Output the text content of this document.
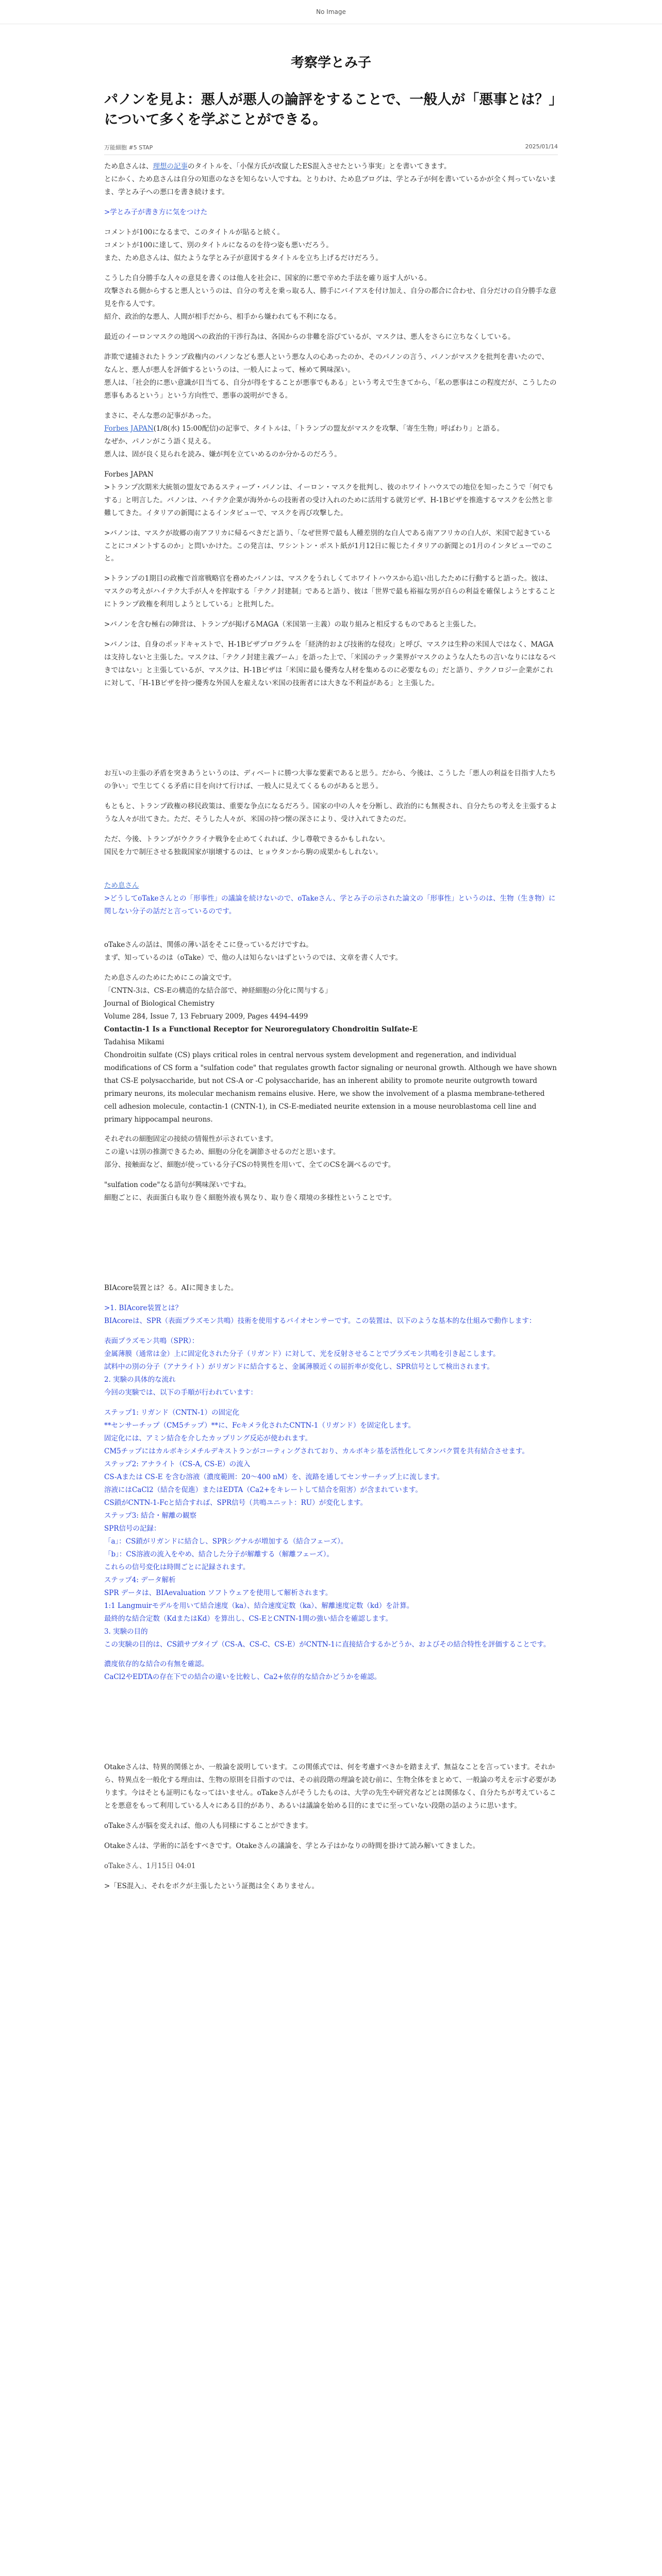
No Image
考察学とみ子
パノンを見よ：悪人が悪人の論評をすることで、一般人が「悪事とは？」について多くを学ぶことができる。
万能細胞 #5 STAP	2025/01/14

ため息さんは、理想の記事のタイトルを、「小保方氏が改竄したES混入させたという事実」とを書いてきます。

とにかく、ため息さんは自分の知恵のなさを知らない人ですね。とりわけ、ため息ブログは、学とみ子が何を書いているかが全く判っていないまま、学とみ子への悪口を書き続けます。

>学とみ子が書き方に気をつけた

コメントが100になるまで、このタイトルが貼ると続く。

コメントが100に達して、別のタイトルになるのを待つ姿も悪いだろう。

また、ため息さんは、似たような学とみ子が意図するタイトルを立ち上げるだけだろう。

こうした自分勝手な人々の意見を書くのは他人を社会に、国家的に悪で辛めた手法を確り返す人がいる。

攻撃される側からすると悪人というのは、自分の考えを乗っ取る人、勝手にバイアスを付け加え、自分の都合に合わせ、自分だけの自分勝手な意見を作る人です。

紹介、政治的な悪人、人間が相手だから、相手から嫌われても不利になる。

最近のイーロンマスクの地図への政治的干渉行為は、各国からの非難を浴びているが、マスクは、悪人をさらに立ちなくしている。

詐欺で逮捕されたトランプ政権内のパノンなども悪人という悪な人の心あったのか、そのパノンの言う、パノンがマスクを批判を書いたので、

なんと、悪人が悪人を評価するというのは、一般人によって、極めて興味深い。

悪人は、「社会的に悪い意識が目当てる、自分が得をすることが悪事でもある」という考えで生きてから、「私の悪事はこの程度だが、こうしたの悪事もあるという」という方向性で、悪事の説明ができる。

まさに、そんな悪の記事があった。

Forbes JAPAN(1/8(水) 15:00配信)の記事で、タイトルは、「トランプの盟友がマスクを攻撃、「寄生生物」呼ばわり」と語る。

なぜか、パノンがこう語く見える。

悪人は、固が良く見られを読み、嫌が判を立ていめるのか分かるのだろう。

Forbes JAPAN

>トランプ次期米大統領の盟友であるスティーブ・バノンは、イーロン・マスクを批判し、彼のホワイトハウスでの地位を知ったこうで「何でもする」と明言した。バノンは、ハイテク企業が海外からの技術者の受け入れのために活用する就労ビザ、H-1Bビザを推進するマスクを公然と非難してきた。イタリアの新聞によるインタビューで、マスクを再び攻撃した。

>バノンは、マスクが故郷の南アフリカに帰るべきだと語り、「なぜ世界で最も人種差別的な白人である南アフリカの白人が、米国で起きていることにコメントするのか」と問いかけた。この発言は、ワシントン・ポスト紙が1月12日に報じたイタリアの新聞との1月のインタビューでのこと。

>トランプの1期目の政権で首席戦略官を務めたバノンは、マスクをうれしくてホワイトハウスから追い出したために行動すると語った。彼は、マスクの考えがハイテク大手が人々を搾取する「テクノ封建制」であると語り、彼は「世界で最も裕福な男が自らの利益を確保しようとすることにトランプ政権を利用しようとしている」と批判した。

>バノンを含む極右の陣営は、トランプが掲げるMAGA（米国第一主義）の取り組みと相反するものであると主張した。

>バノンは、自身のポッドキャストで、H-1Bビザプログラムを「経済的および技術的な侵攻」と呼び、マスクは生粋の米国人ではなく、MAGAは支持しないと主張した。マスクは、「テクノ封建主義ブーム」を語った上で、「米国のテック業界がマスクのような人たちの言いなりにはなるべきではない」と主張しているが、マスクは、H-1Bビザは「米国に最も優秀な人材を集めるのに必要なもの」だと語り、テクノロジー企業がこれに対して、「H-1Bビザを持つ優秀な外国人を雇えない米国の技術者には大きな不利益がある」と主張した。

お互いの主張の矛盾を突きあうというのは、ディベートに勝つ大事な要素であると思う。だから、今後は、こうした「悪人の利益を目指す人たちの争い」で生じてくる矛盾に目を向けて行けば、一般人に見えてくるものがあると思う。

もともと、トランプ政権の移民政策は、重要な争点になるだろう。国家の中の人々を分断し、政治的にも無視され、自分たちの考えを主張するような人々が出てきた。ただ、そうした人々が、米国の持つ懐の深さにより、受け入れてきたのだ。

ただ、今後、トランプがウクライナ戦争を止めてくれれば、少し尊敬できるかもしれない。

国民を力で制圧させる独裁国家が崩壊するのは、ヒョウタンから駒の成果かもしれない。

ため息さん

>どうしてoTakeさんとの「形事性」の議論を続けないので、oTakeさん、学とみ子の示された論文の「形事性」というのは、生物（生き物）に関しない分子の話だと言っているのです。

oTakeさんの話は、関係の薄い話をそこに登っているだけですね。

まず、知っているのは（oTake）で、他の人は知らないはずというのでは、文章を書く人です。

ため息さんのためにためにこの論文です。

「CNTN-3は、CS-Eの構造的な結合部で、神経細胞の分化に関与する」

Journal of Biological Chemistry

Volume 284, Issue 7, 13 February 2009, Pages 4494-4499

Contactin-1 Is a Functional Receptor for Neuroregulatory Chondroitin Sulfate-E

Tadahisa Mikami

Chondroitin sulfate (CS) plays critical roles in central nervous system development and regeneration, and individual modifications of CS form a "sulfation code" that regulates growth factor signaling or neuronal growth. Although we have shown that CS-E polysaccharide, but not CS-A or -C polysaccharide, has an inherent ability to promote neurite outgrowth toward primary neurons, its molecular mechanism remains elusive. Here, we show the involvement of a plasma membrane-tethered cell adhesion molecule, contactin-1 (CNTN-1), in CS-E-mediated neurite extension in a mouse neuroblastoma cell line and primary hippocampal neurons.

それぞれの細胞固定の接続の情報性が示されています。

この違いは別の推測できるため、細胞の分化を調節させるのだと思います。

部分、接触面など、細胞が使っている分子CSの特異性を用いて、全てのCSを調べるのです。

"sulfation code"なる語句が興味深いですね。

細胞ごとに、表面蛋白も取り巻く細胞外液も異なり、取り巻く環境の多様性ということです。

BIAcore装置とは？る。AIに聞きました。

>1. BIAcore装置とは？

BIAcoreは、SPR（表面プラズモン共鳴）技術を使用するバイオセンサーです。この装置は、以下のような基本的な仕組みで動作します：

表面プラズモン共鳴（SPR）：

金属薄膜（通常は金）上に固定化された分子（リガンド）に対して、光を反射させることでプラズモン共鳴を引き起こします。

試料中の別の分子（アナライト）がリガンドに結合すると、金属薄膜近くの屈折率が変化し、SPR信号として検出されます。

2. 実験の具体的な流れ

今回の実験では、以下の手順が行われています：

ステップ1: リガンド（CNTN-1）の固定化

**センサーチップ（CM5チップ）**に、Fcキメラ化されたCNTN-1（リガンド）を固定化します。

固定化には、アミン結合を介したカップリング反応が使われます。

CM5チップにはカルボキシメチルデキストランがコーティングされており、カルボキシ基を活性化してタンパク質を共有結合させます。

ステップ2: アナライト（CS-A, CS-E）の流入

CS-Aまたは CS-E を含む溶液（濃度範囲：20〜400 nM）を、流路を通してセンサーチップ上に流します。

溶液にはCaCl2（結合を促進）またはEDTA（Ca2+をキレートして結合を阻害）が含まれています。

CS鎖がCNTN-1-Fcと結合すれば、SPR信号（共鳴ユニット：RU）が変化します。

ステップ3: 結合・解離の観察

SPR信号の記録：

「a」：CS鎖がリガンドに結合し、SPRシグナルが増加する（結合フェーズ）。

「b」：CS溶液の流入をやめ、結合した分子が解離する（解離フェーズ）。

これらの信号変化は時間ごとに記録されます。

ステップ4: データ解析

SPR データは、BIAevaluation ソフトウェアを使用して解析されます。

1:1 Langmuirモデルを用いて結合速度（ka）、結合速度定数（ka）、解離速度定数（kd）を計算。

最終的な結合定数（KdまたはKd）を算出し、CS-EとCNTN-1間の強い結合を確認します。

3. 実験の目的

この実験の目的は、CS鎖サブタイプ（CS-A、CS-C、CS-E）がCNTN-1に直接結合するかどうか、およびその結合特性を評価することです。

濃度依存的な結合の有無を確認。

CaCl2やEDTAの存在下での結合の違いを比較し、Ca2+依存的な結合かどうかを確認。

Otakeさんは、特異的関係とか、一般論を説明しています。この関係式では、何を考慮すべきかを踏まえず、無益なことを言っています。それから、特異点を一般化する理由は、生物の原則を目指すのでは、その前段階の理論を読む前に、生物全体をまとめて、一般論の考えを示す必要があります。今はそとも証明にもなってはいません。oTakeさんがそうしたものは、大学の先生や研究者などとは関係なく、自分たちが考えていることを悪意をもって利用している人々にある目的があり、あるいは議論を始める目的にまでに至っていない段階の話のように思います。

oTakeさんが脳を変えれば、他の人も同様にすることができます。

Otakeさんは、学術的に話をすべきです。Otakeさんの議論を、学とみ子はかなりの時間を掛けて読み解いてきました。

oTakeさん、1月15日 04:01

>「ES混入」、それをボクが主張したという証拠は全くありません。
